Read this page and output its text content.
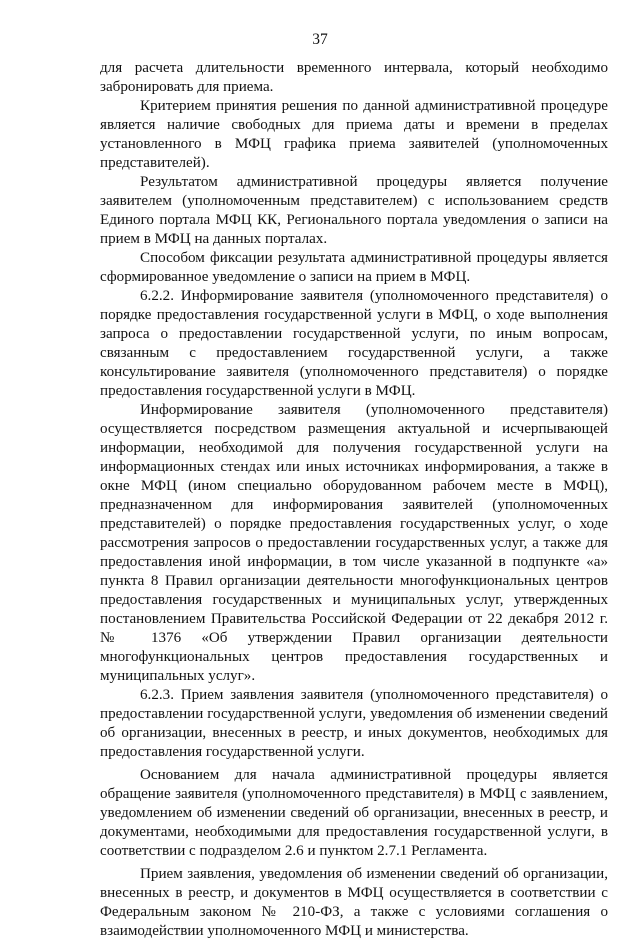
37

для расчета длительности временного интервала, который необходимо забронировать для приема.

Критерием принятия решения по данной административной процедуре является наличие свободных для приема даты и времени в пределах установленного в МФЦ графика приема заявителей (уполномоченных представителей).

Результатом административной процедуры является получение заявителем (уполномоченным представителем) с использованием средств Единого портала МФЦ КК, Регионального портала уведомления о записи на прием в МФЦ на данных порталах.

Способом фиксации результата административной процедуры является сформированное уведомление о записи на прием в МФЦ.

6.2.2. Информирование заявителя (уполномоченного представителя) о порядке предоставления государственной услуги в МФЦ, о ходе выполнения запроса о предоставлении государственной услуги, по иным вопросам, связанным с предоставлением государственной услуги, а также консультирование заявителя (уполномоченного представителя) о порядке предоставления государственной услуги в МФЦ.

Информирование заявителя (уполномоченного представителя) осуществляется посредством размещения актуальной и исчерпывающей информации, необходимой для получения государственной услуги на информационных стендах или иных источниках информирования, а также в окне МФЦ (ином специально оборудованном рабочем месте в МФЦ), предназначенном для информирования заявителей (уполномоченных представителей) о порядке предоставления государственных услуг, о ходе рассмотрения запросов о предоставлении государственных услуг, а также для предоставления иной информации, в том числе указанной в подпункте «а» пункта 8 Правил организации деятельности многофункциональных центров предоставления государственных и муниципальных услуг, утвержденных постановлением Правительства Российской Федерации от 22 декабря 2012 г. № 1376 «Об утверждении Правил организации деятельности многофункциональных центров предоставления государственных и муниципальных услуг».

6.2.3. Прием заявления заявителя (уполномоченного представителя) о предоставлении государственной услуги, уведомления об изменении сведений об организации, внесенных в реестр, и иных документов, необходимых для предоставления государственной услуги.

Основанием для начала административной процедуры является обращение заявителя (уполномоченного представителя) в МФЦ с заявлением, уведомлением об изменении сведений об организации, внесенных в реестр, и документами, необходимыми для предоставления государственной услуги, в соответствии с подразделом 2.6 и пунктом 2.7.1 Регламента.

Прием заявления, уведомления об изменении сведений об организации, внесенных в реестр, и документов в МФЦ осуществляется в соответствии с Федеральным законом № 210-ФЗ, а также с условиями соглашения о взаимодействии уполномоченного МФЦ и министерства.
